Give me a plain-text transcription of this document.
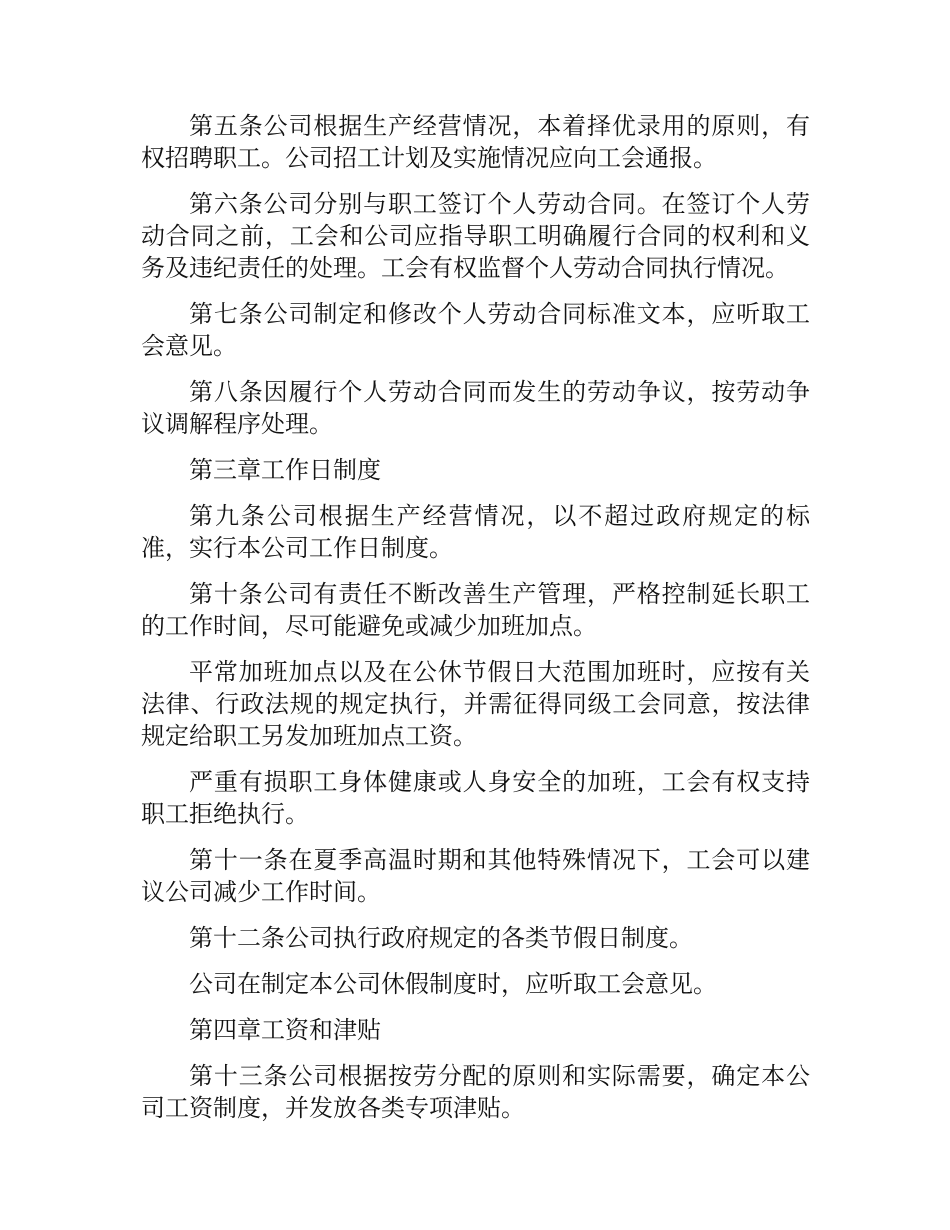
第五条公司根据生产经营情况，本着择优录用的原则，有权招聘职工。公司招工计划及实施情况应向工会通报。

第六条公司分别与职工签订个人劳动合同。在签订个人劳动合同之前，工会和公司应指导职工明确履行合同的权利和义务及违纪责任的处理。工会有权监督个人劳动合同执行情况。

第七条公司制定和修改个人劳动合同标准文本，应听取工会意见。

第八条因履行个人劳动合同而发生的劳动争议，按劳动争议调解程序处理。

第三章工作日制度

第九条公司根据生产经营情况，以不超过政府规定的标准，实行本公司工作日制度。

第十条公司有责任不断改善生产管理，严格控制延长职工的工作时间，尽可能避免或减少加班加点。

平常加班加点以及在公休节假日大范围加班时，应按有关法律、行政法规的规定执行，并需征得同级工会同意，按法律规定给职工另发加班加点工资。

严重有损职工身体健康或人身安全的加班，工会有权支持职工拒绝执行。

第十一条在夏季高温时期和其他特殊情况下，工会可以建议公司减少工作时间。

第十二条公司执行政府规定的各类节假日制度。

公司在制定本公司休假制度时，应听取工会意见。

第四章工资和津贴

第十三条公司根据按劳分配的原则和实际需要，确定本公司工资制度，并发放各类专项津贴。
